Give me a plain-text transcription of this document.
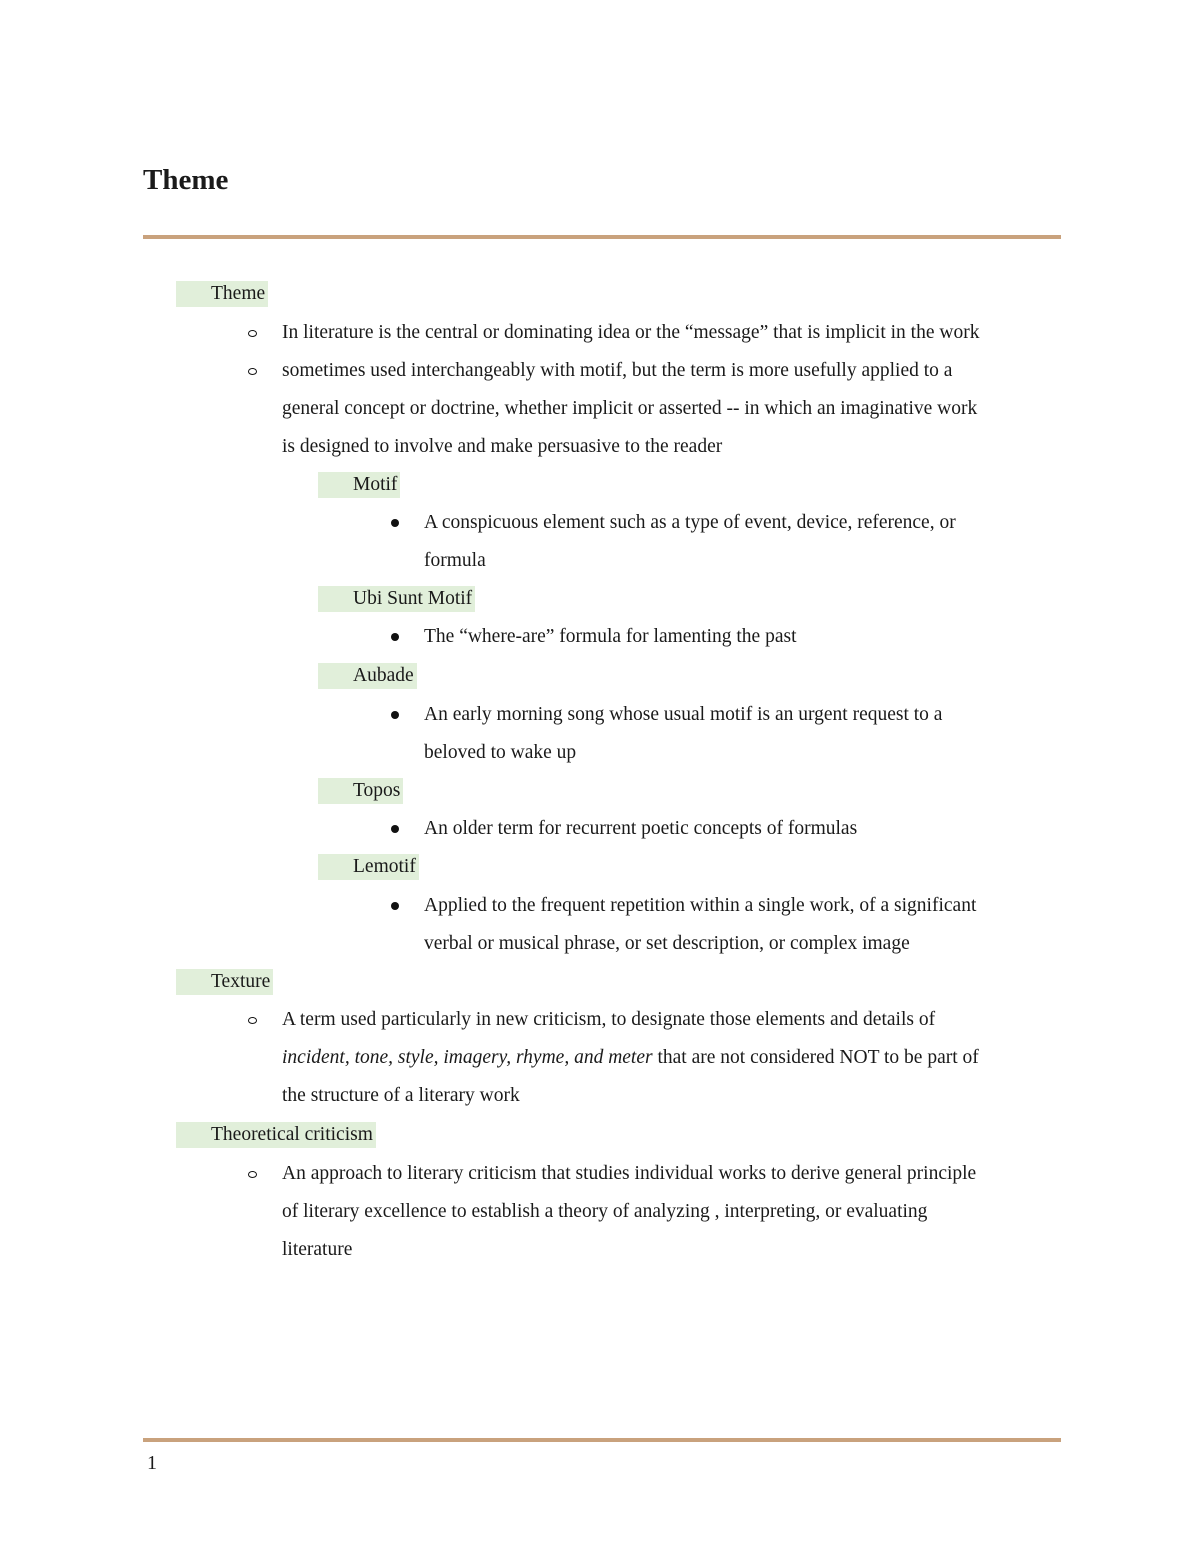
Theme
Theme
In literature is the central or dominating idea or the “message” that is implicit in the work
sometimes used interchangeably with motif, but the term is more usefully applied to a
general concept or doctrine, whether implicit or asserted -- in which an imaginative work
is designed to involve and make persuasive to the reader
Motif
A conspicuous element such as a type of event, device, reference, or
formula
Ubi Sunt Motif
The “where-are” formula for lamenting the past
Aubade
An early morning song whose usual motif is an urgent request to a
beloved to wake up
Topos
An older term for recurrent poetic concepts of formulas
Lemotif
Applied to the frequent repetition within a single work, of a significant
verbal or musical phrase, or set description, or complex image
Texture
A term used particularly in new criticism, to designate those elements and details of
incident, tone, style, imagery, rhyme, and meter that are not considered NOT to be part of
the structure of a literary work
Theoretical criticism
An approach to literary criticism that studies individual works to derive general principle
of literary excellence to establish a theory of analyzing , interpreting, or evaluating
literature
1
